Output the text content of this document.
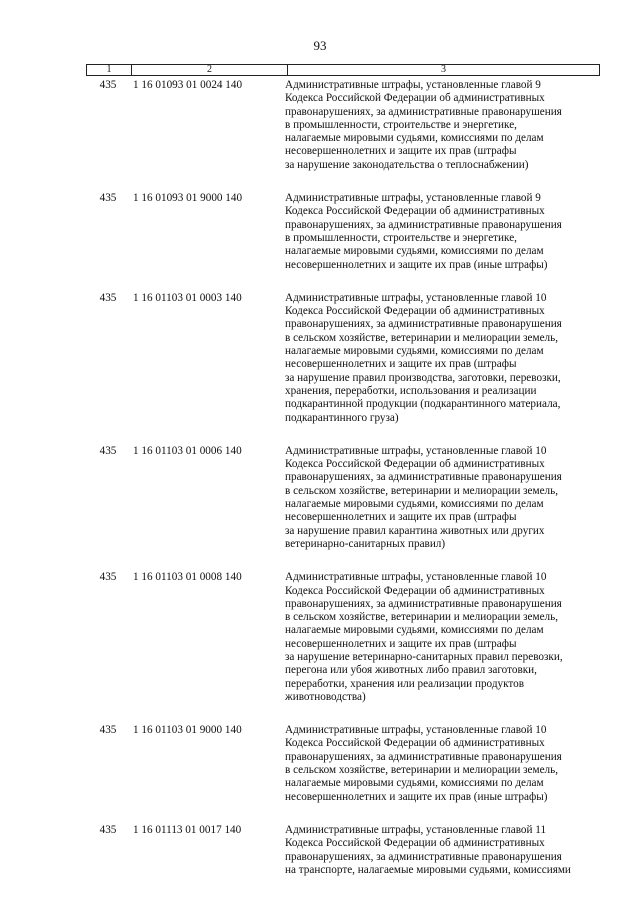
93
1	2	3
435	1 16 01093 01 0024 140	Административные штрафы, установленные главой 9
Кодекса Российской Федерации об административных
правонарушениях, за административные правонарушения
в промышленности, строительстве и энергетике,
налагаемые мировыми судьями, комиссиями по делам
несовершеннолетних и защите их прав (штрафы
за нарушение законодательства о теплоснабжении)
435	1 16 01093 01 9000 140	Административные штрафы, установленные главой 9
Кодекса Российской Федерации об административных
правонарушениях, за административные правонарушения
в промышленности, строительстве и энергетике,
налагаемые мировыми судьями, комиссиями по делам
несовершеннолетних и защите их прав (иные штрафы)
435	1 16 01103 01 0003 140	Административные штрафы, установленные главой 10
Кодекса Российской Федерации об административных
правонарушениях, за административные правонарушения
в сельском хозяйстве, ветеринарии и мелиорации земель,
налагаемые мировыми судьями, комиссиями по делам
несовершеннолетних и защите их прав (штрафы
за нарушение правил производства, заготовки, перевозки,
хранения, переработки, использования и реализации
подкарантинной продукции (подкарантинного материала,
подкарантинного груза)
435	1 16 01103 01 0006 140	Административные штрафы, установленные главой 10
Кодекса Российской Федерации об административных
правонарушениях, за административные правонарушения
в сельском хозяйстве, ветеринарии и мелиорации земель,
налагаемые мировыми судьями, комиссиями по делам
несовершеннолетних и защите их прав (штрафы
за нарушение правил карантина животных или других
ветеринарно-санитарных правил)
435	1 16 01103 01 0008 140	Административные штрафы, установленные главой 10
Кодекса Российской Федерации об административных
правонарушениях, за административные правонарушения
в сельском хозяйстве, ветеринарии и мелиорации земель,
налагаемые мировыми судьями, комиссиями по делам
несовершеннолетних и защите их прав (штрафы
за нарушение ветеринарно-санитарных правил перевозки,
перегона или убоя животных либо правил заготовки,
переработки, хранения или реализации продуктов
животноводства)
435	1 16 01103 01 9000 140	Административные штрафы, установленные главой 10
Кодекса Российской Федерации об административных
правонарушениях, за административные правонарушения
в сельском хозяйстве, ветеринарии и мелиорации земель,
налагаемые мировыми судьями, комиссиями по делам
несовершеннолетних и защите их прав (иные штрафы)
435	1 16 01113 01 0017 140	Административные штрафы, установленные главой 11
Кодекса Российской Федерации об административных
правонарушениях, за административные правонарушения
на транспорте, налагаемые мировыми судьями, комиссиями
